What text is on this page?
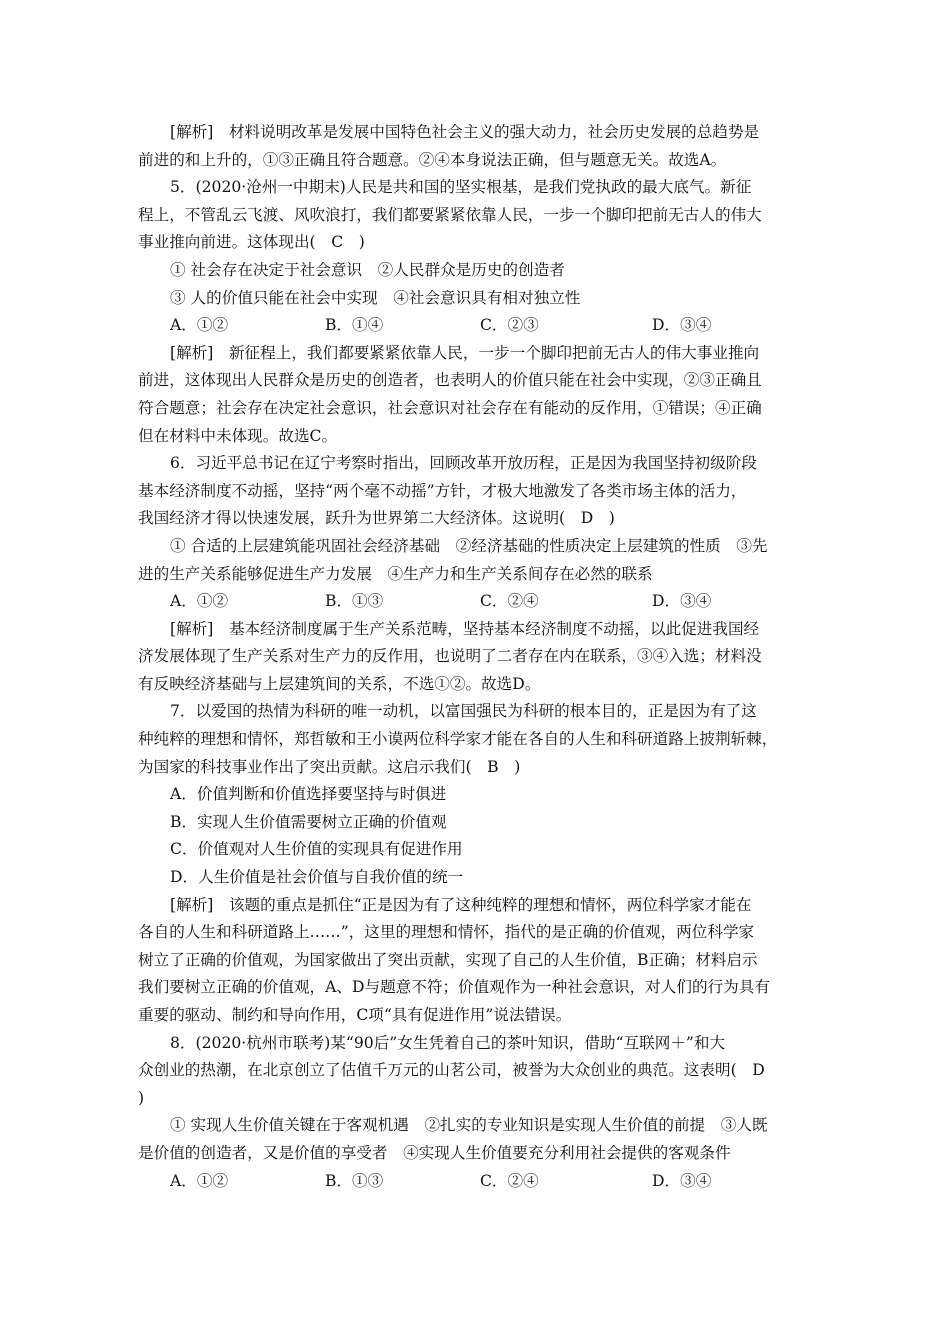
[解析]　材料说明改革是发展中国特色社会主义的强大动力，社会历史发展的总趋势是
前进的和上升的，①③正确且符合题意。②④本身说法正确，但与题意无关。故选A。
5．(2020·沧州一中期末)人民是共和国的坚实根基，是我们党执政的最大底气。新征
程上，不管乱云飞渡、风吹浪打，我们都要紧紧依靠人民，一步一个脚印把前无古人的伟大
事业推向前进。这体现出(　C　)
① 社会存在决定于社会意识　②人民群众是历史的创造者
③ 人的价值只能在社会中实现　④社会意识具有相对独立性
A．①②	B．①④	C．②③	D．③④
[解析]　新征程上，我们都要紧紧依靠人民，一步一个脚印把前无古人的伟大事业推向
前进，这体现出人民群众是历史的创造者，也表明人的价值只能在社会中实现，②③正确且
符合题意；社会存在决定社会意识，社会意识对社会存在有能动的反作用，①错误；④正确
但在材料中未体现。故选C。
6．习近平总书记在辽宁考察时指出，回顾改革开放历程，正是因为我国坚持初级阶段
基本经济制度不动摇，坚持“两个毫不动摇”方针，才极大地激发了各类市场主体的活力，
我国经济才得以快速发展，跃升为世界第二大经济体。这说明(　D　)
① 合适的上层建筑能巩固社会经济基础　②经济基础的性质决定上层建筑的性质　③先
进的生产关系能够促进生产力发展　④生产力和生产关系间存在必然的联系
A．①②	B．①③	C．②④	D．③④
[解析]　基本经济制度属于生产关系范畴，坚持基本经济制度不动摇，以此促进我国经
济发展体现了生产关系对生产力的反作用，也说明了二者存在内在联系，③④入选；材料没
有反映经济基础与上层建筑间的关系，不选①②。故选D。
7．以爱国的热情为科研的唯一动机，以富国强民为科研的根本目的，正是因为有了这
种纯粹的理想和情怀，郑哲敏和王小谟两位科学家才能在各自的人生和科研道路上披荆斩棘，
为国家的科技事业作出了突出贡献。这启示我们(　B　)
A．价值判断和价值选择要坚持与时俱进
B．实现人生价值需要树立正确的价值观
C．价值观对人生价值的实现具有促进作用
D．人生价值是社会价值与自我价值的统一
[解析]　该题的重点是抓住“正是因为有了这种纯粹的理想和情怀，两位科学家才能在
各自的人生和科研道路上……”，这里的理想和情怀，指代的是正确的价值观，两位科学家
树立了正确的价值观，为国家做出了突出贡献，实现了自己的人生价值，B正确；材料启示
我们要树立正确的价值观，A、D与题意不符；价值观作为一种社会意识，对人们的行为具有
重要的驱动、制约和导向作用，C项“具有促进作用”说法错误。
8．(2020·杭州市联考)某“90后”女生凭着自己的茶叶知识，借助“互联网＋”和大
众创业的热潮，在北京创立了估值千万元的山茗公司，被誉为大众创业的典范。这表明(　D
)
① 实现人生价值关键在于客观机遇　②扎实的专业知识是实现人生价值的前提　③人既
是价值的创造者，又是价值的享受者　④实现人生价值要充分利用社会提供的客观条件
A．①②	B．①③	C．②④	D．③④
